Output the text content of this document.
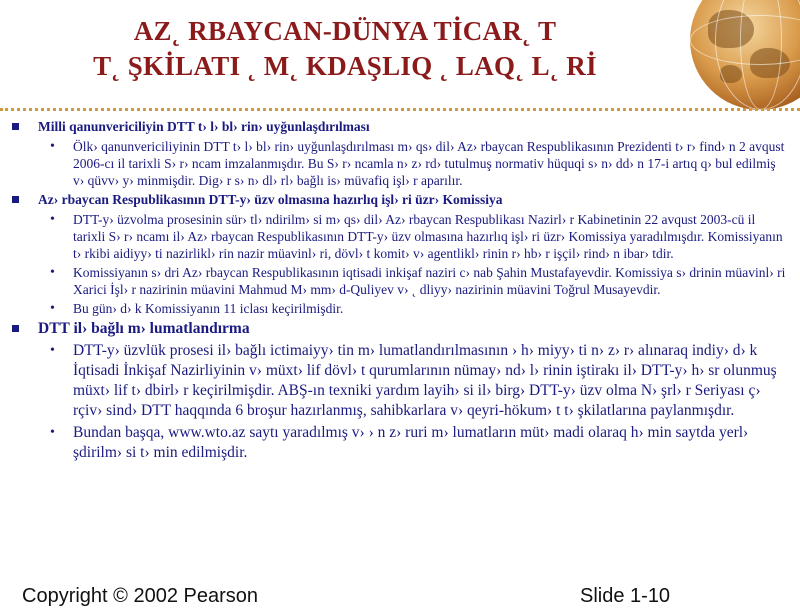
AZ˛ RBAYCAN-DÜNYA TİCAR˛ T
T˛ ŞKİLATI ˛ M˛ KDAŞLIQ ˛ LAQ˛ L˛ Rİ
Milli qanunvericiliyin DTT t› l› bl› rin› uyğunlaşdırılması
• Ölk› qanunvericiliyinin DTT t› l› bl› rin› uyğunlaşdırılması m› qs› dil› Az› rbaycan Respublikasının Prezidenti t› r› find› n 2 avqust 2006-cı il tarixli S› r› ncam imzalanmışdır. Bu S› r› ncamla n› z› rd› tutulmuş normativ hüquqi s› n› dd› n 17-i artıq q› bul edilmiş v› qüvv› y› minmişdir. Dig› r s› n› dl› rl› bağlı is› müvafiq işl› r aparılır.
Az› rbaycan Respublikasının DTT-y› üzv olmasına hazırlıq işl› ri üzr› Komissiya
• DTT-y› üzvolma prosesinin sür› tl› ndirilm› si m› qs› dil› Az› rbaycan Respublikası Nazirl› r Kabinetinin 22 avqust 2003-cü il tarixli S› r› ncamı il› Az› rbaycan Respublikasının DTT-y› üzv olmasına hazırlıq işl› ri üzr› Komissiya yaradılmışdır. Komissiyanın t› rkibi aidiyy› ti nazirlikl› rin nazir müavinl› ri, dövl› t komit› v› agentlikl› rinin r› hb› r işçil› rind› n ibar› tdir.
• Komissiyanın s› dri Az› rbaycan Respublikasının iqtisadi inkişaf naziri c› nab Şahin Mustafayevdir. Komissiya s› drinin müavinl› ri Xarici İşl› r nazirinin müavini Mahmud M› mm› d-Quliyev v› ˛ dliyy› nazirinin müavini Toğrul Musayevdir.
• Bu gün› d› k Komissiyanın 11 iclası keçirilmişdir.
DTT il› bağlı m› lumatlandırma
• DTT-y› üzvlük prosesi il› bağlı ictimaiyy› tin m› lumatlandırılmasının › h› miyy› ti n› z› r› alınaraq indiy› d› k İqtisadi İnkişaf Nazirliyinin v› müxt› lif dövl› t qurumlarının nümay› nd› l› rinin iştirakı il› DTT-y› h› sr olunmuş müxt› lif t› dbirl› r keçirilmişdir. ABŞ-ın texniki yardım layih› si il› birg› DTT-y› üzv olma N› şrl› r Seriyası ç› rçiv› sind› DTT haqqında 6 broşur hazırlanmış, sahibkarlara v› qeyri-hökum› t t› şkilatlarına paylanmışdır.
• Bundan başqa, www.wto.az saytı yaradılmış v› › n z› ruri m› lumatların müt› madi olaraq h› min saytda yerl› şdirilm› si t› min edilmişdir.
Copyright © 2002 Pearson	Slide 1-10
